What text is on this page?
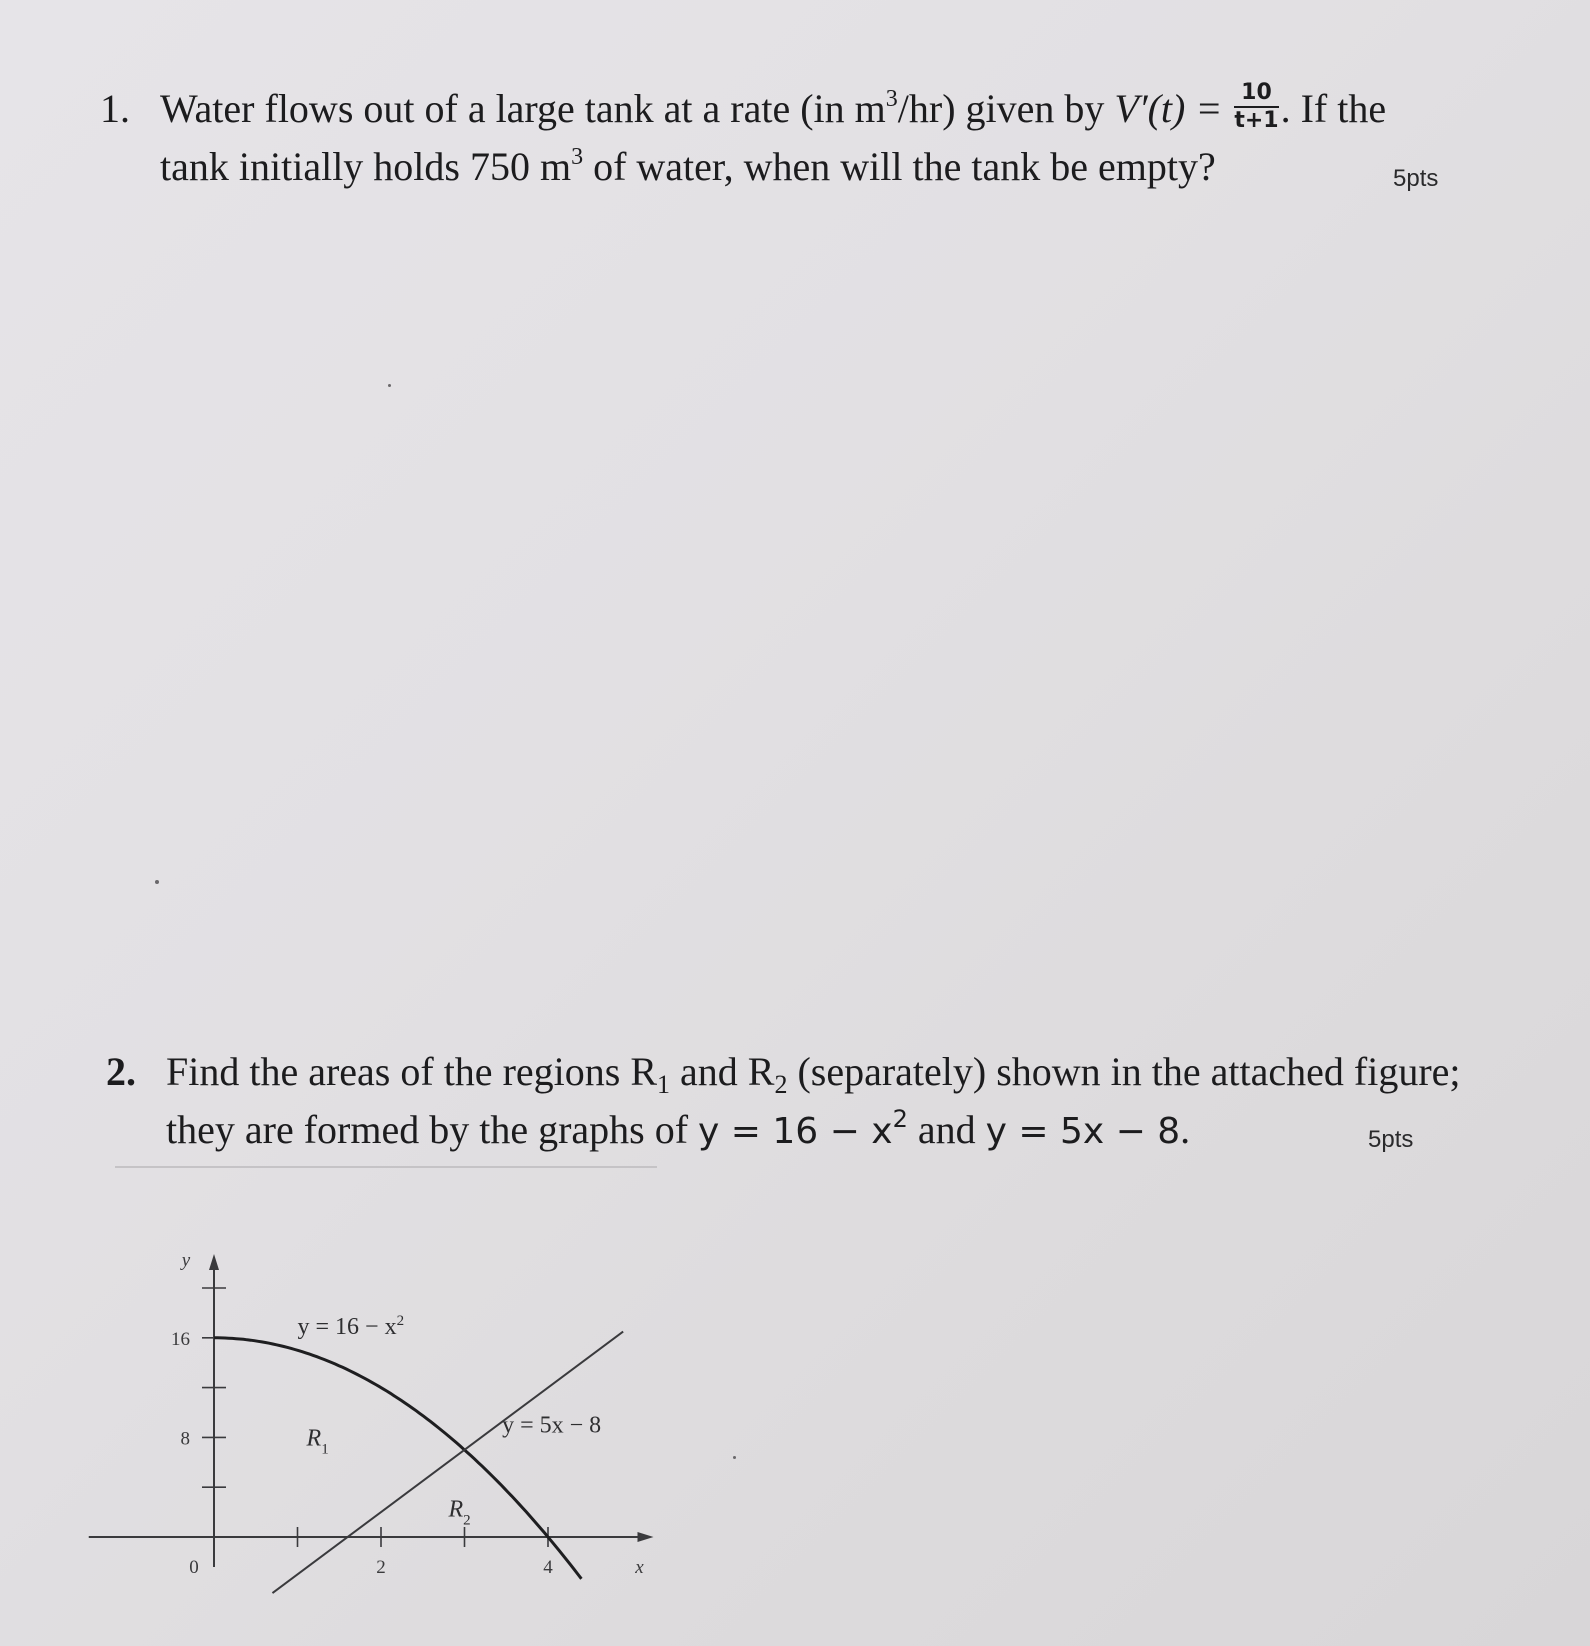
1. Water flows out of a large tank at a rate (in $m^3/hr$) given by $V'(t) = \frac{10}{t+1}$ . If the
tank initially holds 750 $m^3$ of water, when will the tank be empty?	5pts
2. Find the areas of the regions $R_1$ and $R_2$ (separately) shown in the attached figure;
they are formed by the graphs of $y = 16 - x^2$ and y = 5x − 8.	5pts
16
8
0	2	4	x
y
$y = 16 - x^2$
y = 5x − 8
$R_1$
$R_2$
